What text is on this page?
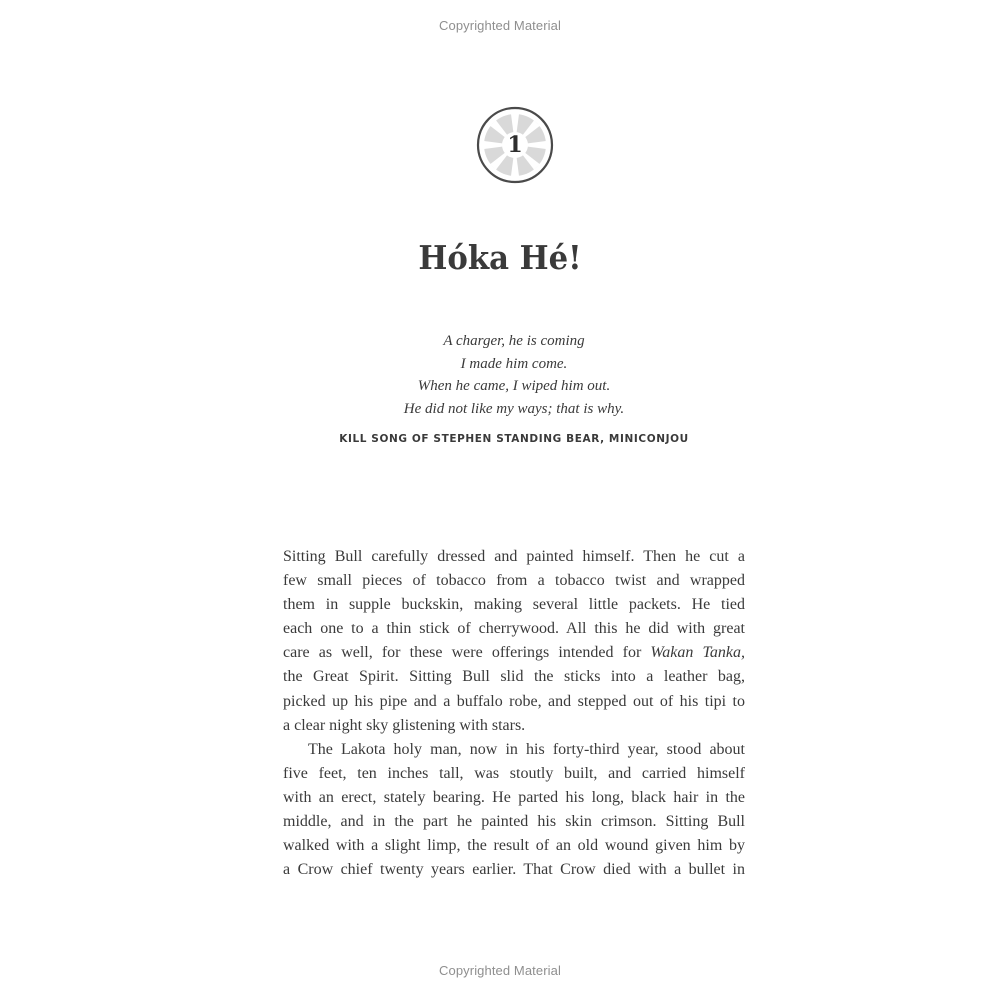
Copyrighted Material
1
Hóka Hé!
A charger, he is coming
I made him come.
When he came, I wiped him out.
He did not like my ways; that is why.
KILL SONG OF STEPHEN STANDING BEAR, MINICONJOU
Sitting Bull carefully dressed and painted himself. Then he cut a
few small pieces of tobacco from a tobacco twist and wrapped
them in supple buckskin, making several little packets. He tied
each one to a thin stick of cherrywood. All this he did with great
care as well, for these were offerings intended for Wakan Tanka,
the Great Spirit. Sitting Bull slid the sticks into a leather bag,
picked up his pipe and a buffalo robe, and stepped out of his tipi to
a clear night sky glistening with stars.
The Lakota holy man, now in his forty-third year, stood about
five feet, ten inches tall, was stoutly built, and carried himself
with an erect, stately bearing. He parted his long, black hair in the
middle, and in the part he painted his skin crimson. Sitting Bull
walked with a slight limp, the result of an old wound given him by
a Crow chief twenty years earlier. That Crow died with a bullet in
Copyrighted Material
